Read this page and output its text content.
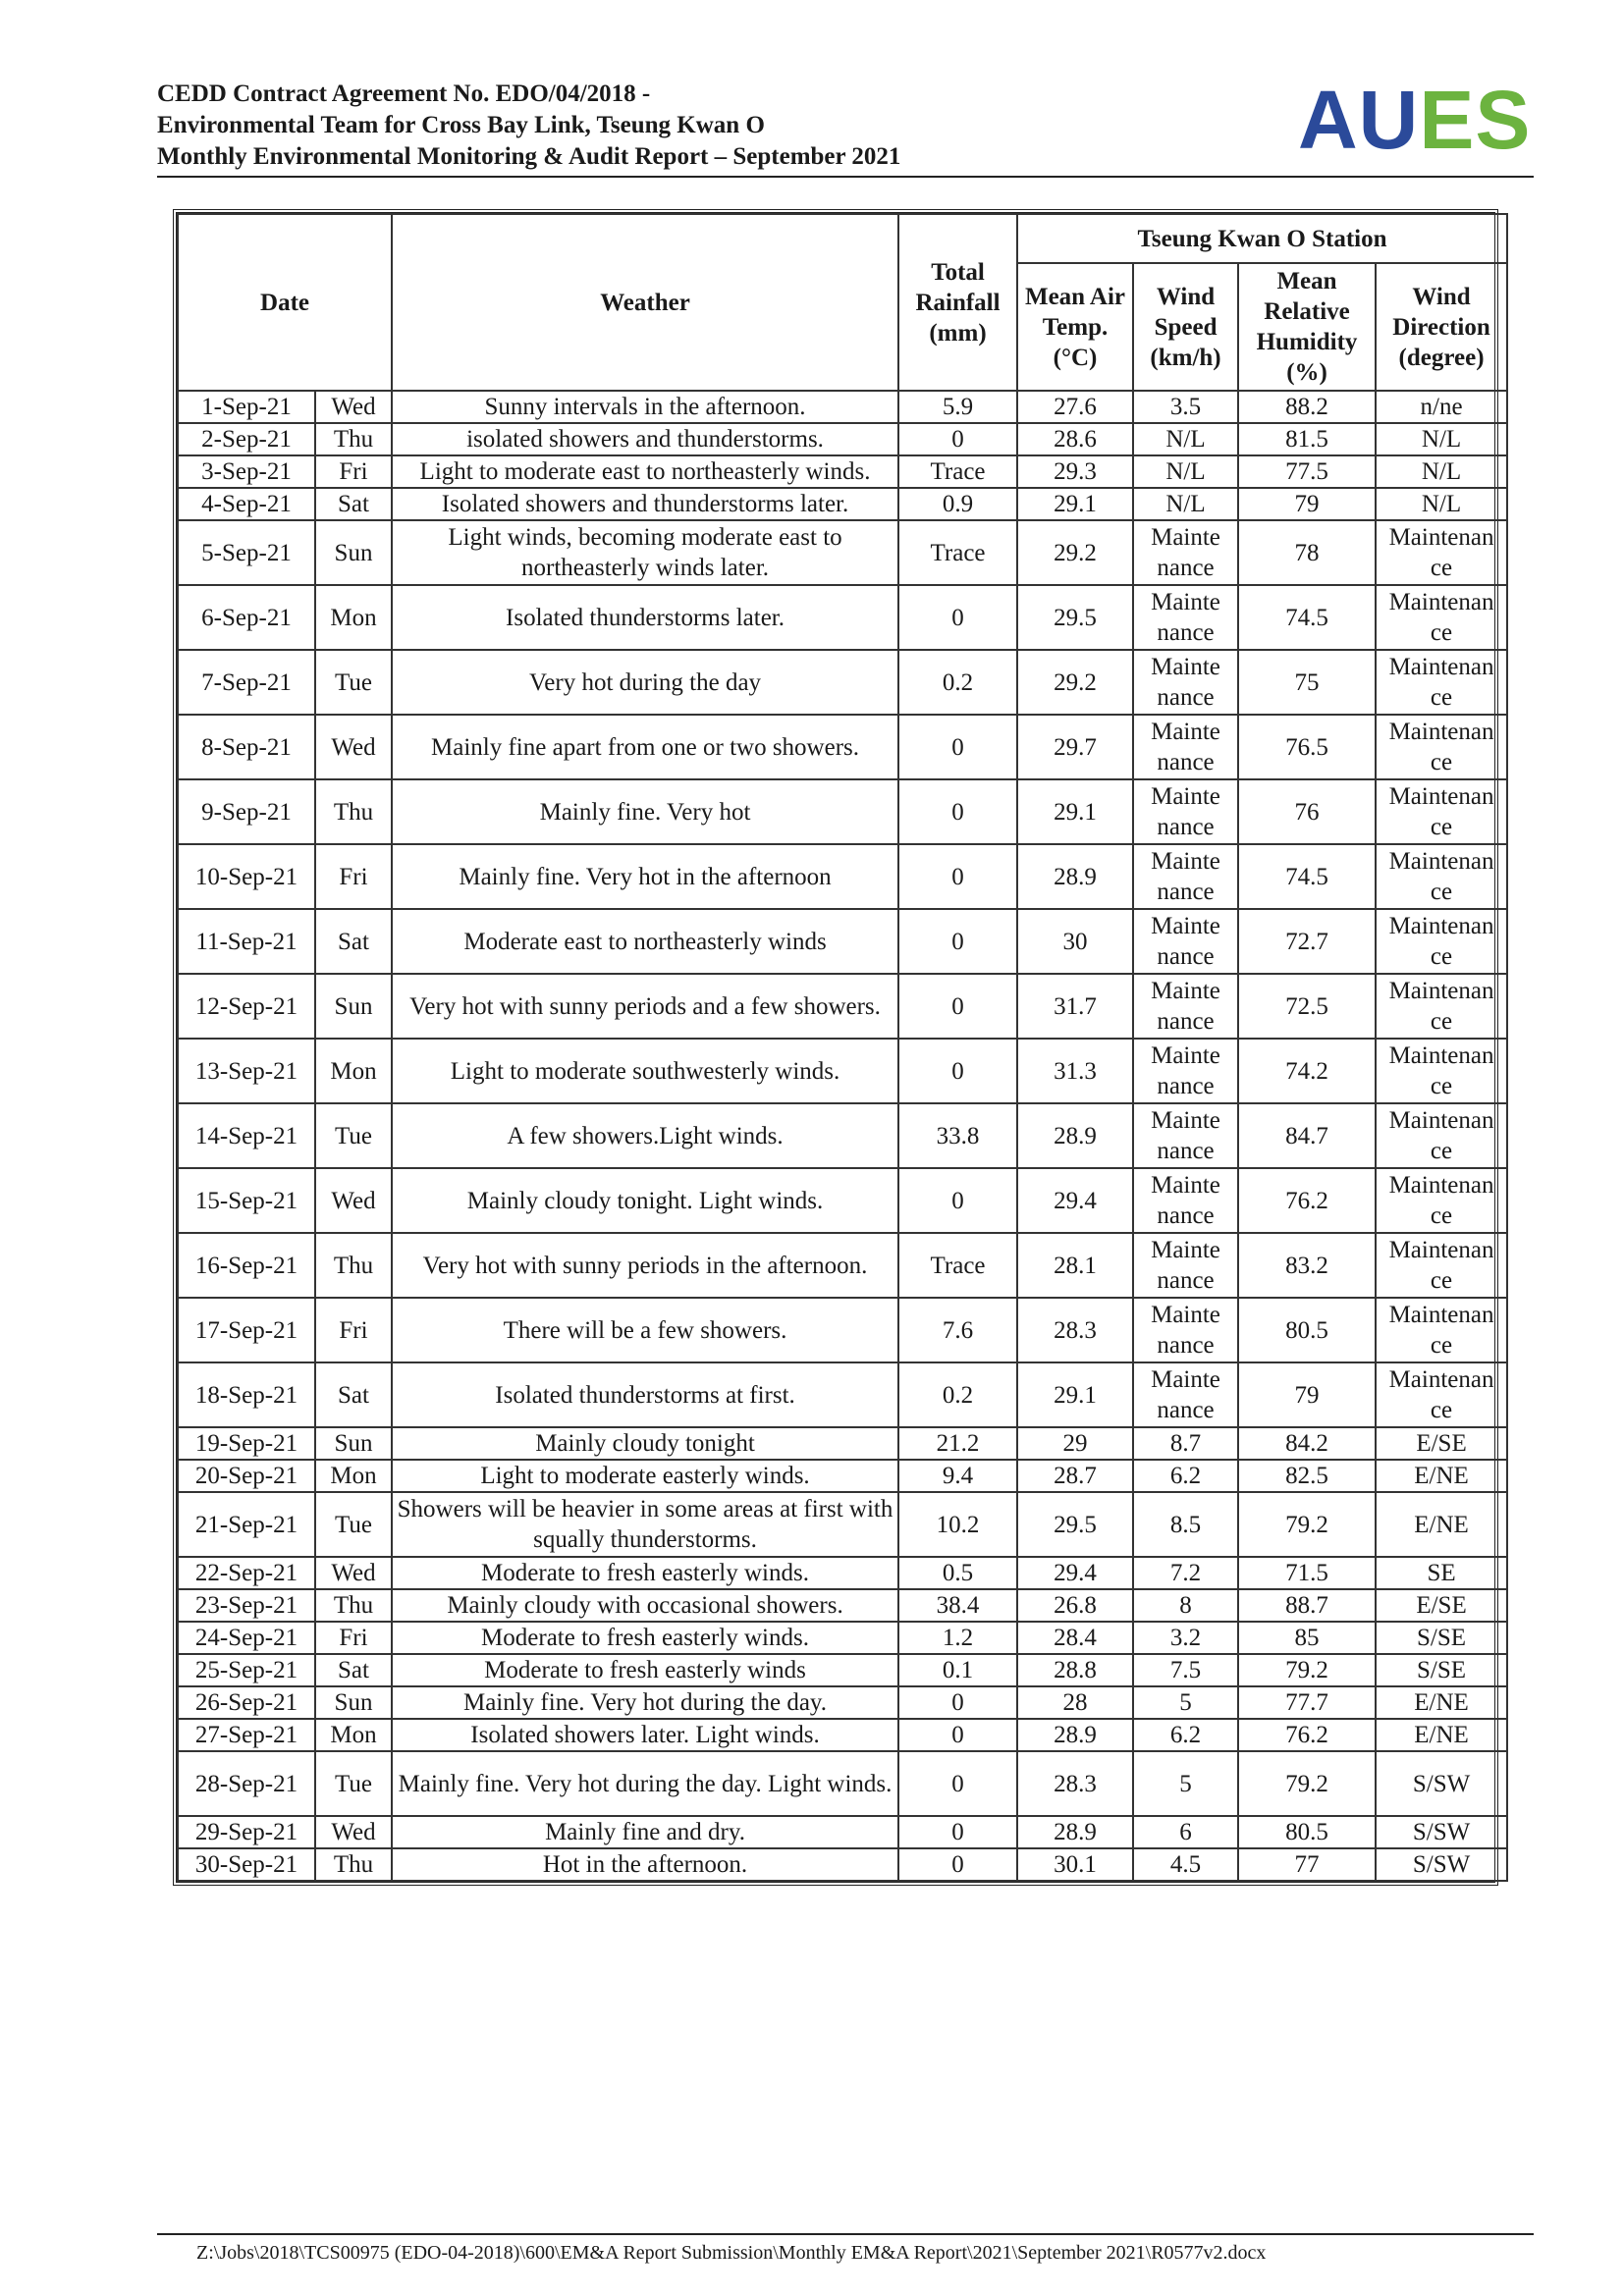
CEDD Contract Agreement No. EDO/04/2018 -
Environmental Team for Cross Bay Link, Tseung Kwan O
Monthly Environmental Monitoring & Audit Report – September 2021	AUES
Date		Weather	Total Rainfall (mm)	Tseung Kwan O Station			
				Mean Air Temp. (°C)	Wind Speed (km/h)	Mean Relative Humidity (%)	Wind Direction (degree)
1-Sep-21	Wed	Sunny intervals in the afternoon.	5.9	27.6	3.5	88.2	n/ne
2-Sep-21	Thu	isolated showers and thunderstorms.	0	28.6	N/L	81.5	N/L
3-Sep-21	Fri	Light to moderate east to northeasterly winds.	Trace	29.3	N/L	77.5	N/L
4-Sep-21	Sat	Isolated showers and thunderstorms later.	0.9	29.1	N/L	79	N/L
5-Sep-21	Sun	Light winds, becoming moderate east to northeasterly winds later.	Trace	29.2	Mainte nance	78	Maintenan ce
6-Sep-21	Mon	Isolated thunderstorms later.	0	29.5	Mainte nance	74.5	Maintenan ce
7-Sep-21	Tue	Very hot during the day	0.2	29.2	Mainte nance	75	Maintenan ce
8-Sep-21	Wed	Mainly fine apart from one or two showers.	0	29.7	Mainte nance	76.5	Maintenan ce
9-Sep-21	Thu	Mainly fine. Very hot	0	29.1	Mainte nance	76	Maintenan ce
10-Sep-21	Fri	Mainly fine. Very hot in the afternoon	0	28.9	Mainte nance	74.5	Maintenan ce
11-Sep-21	Sat	Moderate east to northeasterly winds	0	30	Mainte nance	72.7	Maintenan ce
12-Sep-21	Sun	Very hot with sunny periods and a few showers.	0	31.7	Mainte nance	72.5	Maintenan ce
13-Sep-21	Mon	Light to moderate southwesterly winds.	0	31.3	Mainte nance	74.2	Maintenan ce
14-Sep-21	Tue	A few showers.Light winds.	33.8	28.9	Mainte nance	84.7	Maintenan ce
15-Sep-21	Wed	Mainly cloudy tonight. Light winds.	0	29.4	Mainte nance	76.2	Maintenan ce
16-Sep-21	Thu	Very hot with sunny periods in the afternoon.	Trace	28.1	Mainte nance	83.2	Maintenan ce
17-Sep-21	Fri	There will be a few showers.	7.6	28.3	Mainte nance	80.5	Maintenan ce
18-Sep-21	Sat	Isolated thunderstorms at first.	0.2	29.1	Mainte nance	79	Maintenan ce
19-Sep-21	Sun	Mainly cloudy tonight	21.2	29	8.7	84.2	E/SE
20-Sep-21	Mon	Light to moderate easterly winds.	9.4	28.7	6.2	82.5	E/NE
21-Sep-21	Tue	Showers will be heavier in some areas at first with squally thunderstorms.	10.2	29.5	8.5	79.2	E/NE
22-Sep-21	Wed	Moderate to fresh easterly winds.	0.5	29.4	7.2	71.5	SE
23-Sep-21	Thu	Mainly cloudy with occasional showers.	38.4	26.8	8	88.7	E/SE
24-Sep-21	Fri	Moderate to fresh easterly winds.	1.2	28.4	3.2	85	S/SE
25-Sep-21	Sat	Moderate to fresh easterly winds	0.1	28.8	7.5	79.2	S/SE
26-Sep-21	Sun	Mainly fine. Very hot during the day.	0	28	5	77.7	E/NE
27-Sep-21	Mon	Isolated showers later. Light winds.	0	28.9	6.2	76.2	E/NE
28-Sep-21	Tue	Mainly fine. Very hot during the day. Light winds.	0	28.3	5	79.2	S/SW
29-Sep-21	Wed	Mainly fine and dry.	0	28.9	6	80.5	S/SW
30-Sep-21	Thu	Hot in the afternoon.	0	30.1	4.5	77	S/SW
Z:\Jobs\2018\TCS00975 (EDO-04-2018)\600\EM&A Report Submission\Monthly EM&A Report\2021\September 2021\R0577v2.docx
